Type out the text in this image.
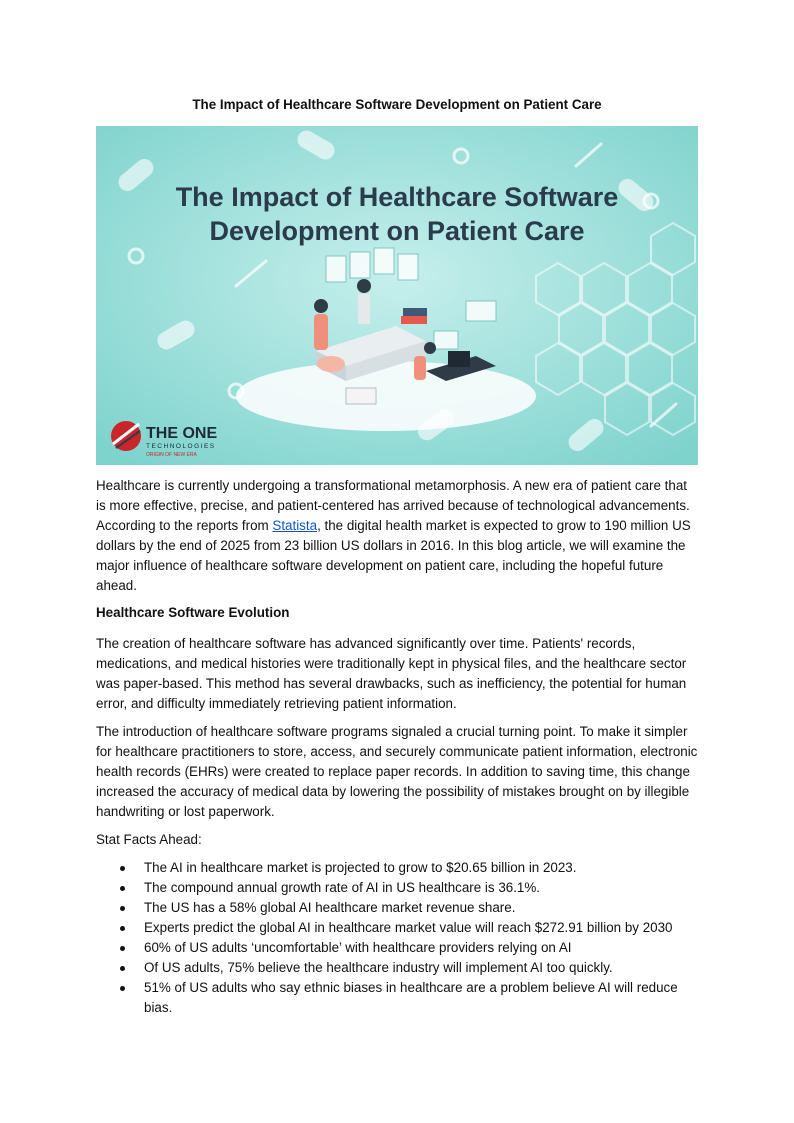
The Impact of Healthcare Software Development on Patient Care
The Impact of Healthcare Software
Development on Patient Care
THE ONE
TECHNOLOGIES
ORIGIN OF NEW ERA

Healthcare is currently undergoing a transformational metamorphosis. A new era of patient care that is more effective, precise, and patient-centered has arrived because of technological advancements. According to the reports from Statista, the digital health market is expected to grow to 190 million US dollars by the end of 2025 from 23 billion US dollars in 2016. In this blog article, we will examine the major influence of healthcare software development on patient care, including the hopeful future ahead.

Healthcare Software Evolution

The creation of healthcare software has advanced significantly over time. Patients' records, medications, and medical histories were traditionally kept in physical files, and the healthcare sector was paper-based. This method has several drawbacks, such as inefficiency, the potential for human error, and difficulty immediately retrieving patient information.

The introduction of healthcare software programs signaled a crucial turning point. To make it simpler for healthcare practitioners to store, access, and securely communicate patient information, electronic health records (EHRs) were created to replace paper records. In addition to saving time, this change increased the accuracy of medical data by lowering the possibility of mistakes brought on by illegible handwriting or lost paperwork.

Stat Facts Ahead:

The AI in healthcare market is projected to grow to $20.65 billion in 2023.
The compound annual growth rate of AI in US healthcare is 36.1%.
The US has a 58% global AI healthcare market revenue share.
Experts predict the global AI in healthcare market value will reach $272.91 billion by 2030
60% of US adults ‘uncomfortable’ with healthcare providers relying on AI
Of US adults, 75% believe the healthcare industry will implement AI too quickly.
51% of US adults who say ethnic biases in healthcare are a problem believe AI will reduce bias.
